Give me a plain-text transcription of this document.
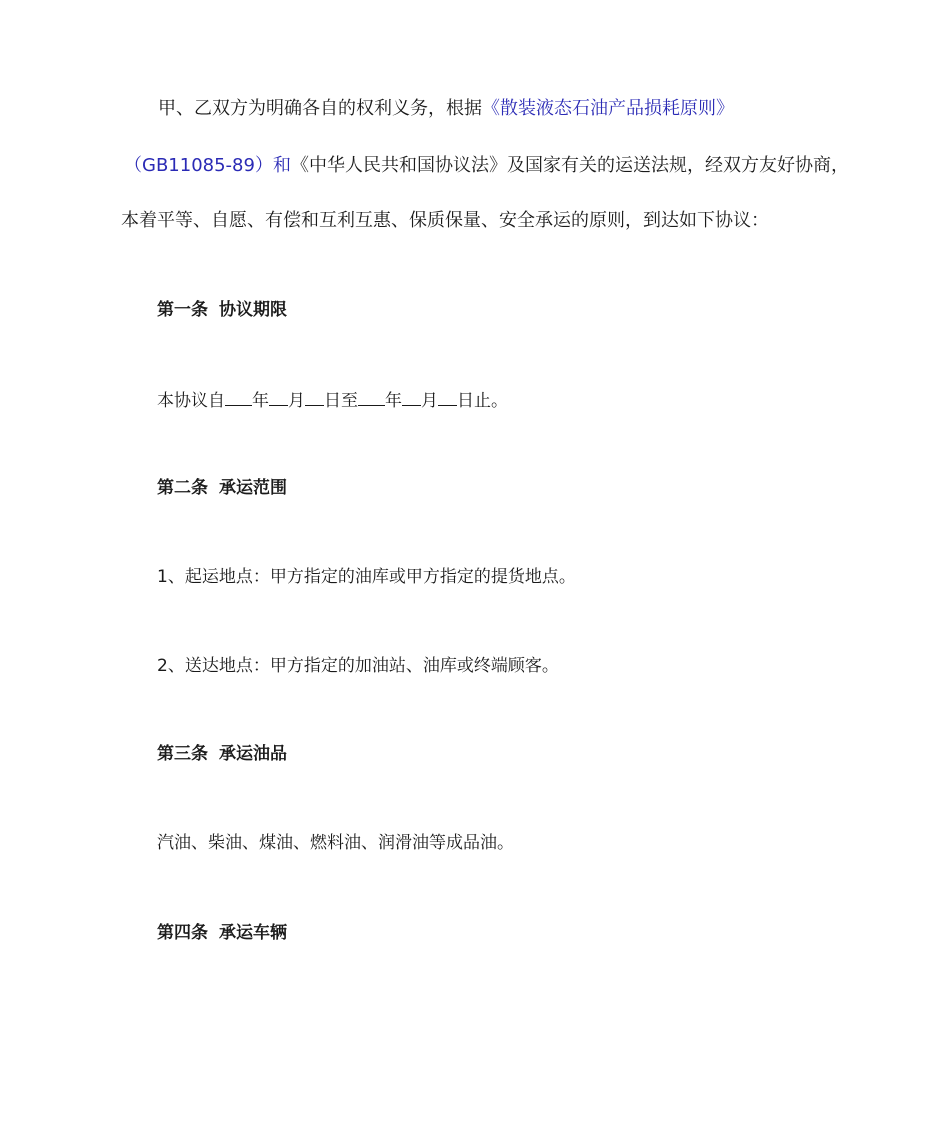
甲、乙双方为明确各自的权利义务，根据《散装液态石油产品损耗原则》
（GB11085-89）和《中华人民共和国协议法》及国家有关的运送法规，经双方友好协商，
本着平等、自愿、有偿和互利互惠、保质保量、安全承运的原则，到达如下协议：
第一条 协议期限
本协议自 年 月 日至 年 月 日止。
第二条 承运范围
1、起运地点：甲方指定的油库或甲方指定的提货地点。
2、送达地点：甲方指定的加油站、油库或终端顾客。
第三条 承运油品
汽油、柴油、煤油、燃料油、润滑油等成品油。
第四条 承运车辆
